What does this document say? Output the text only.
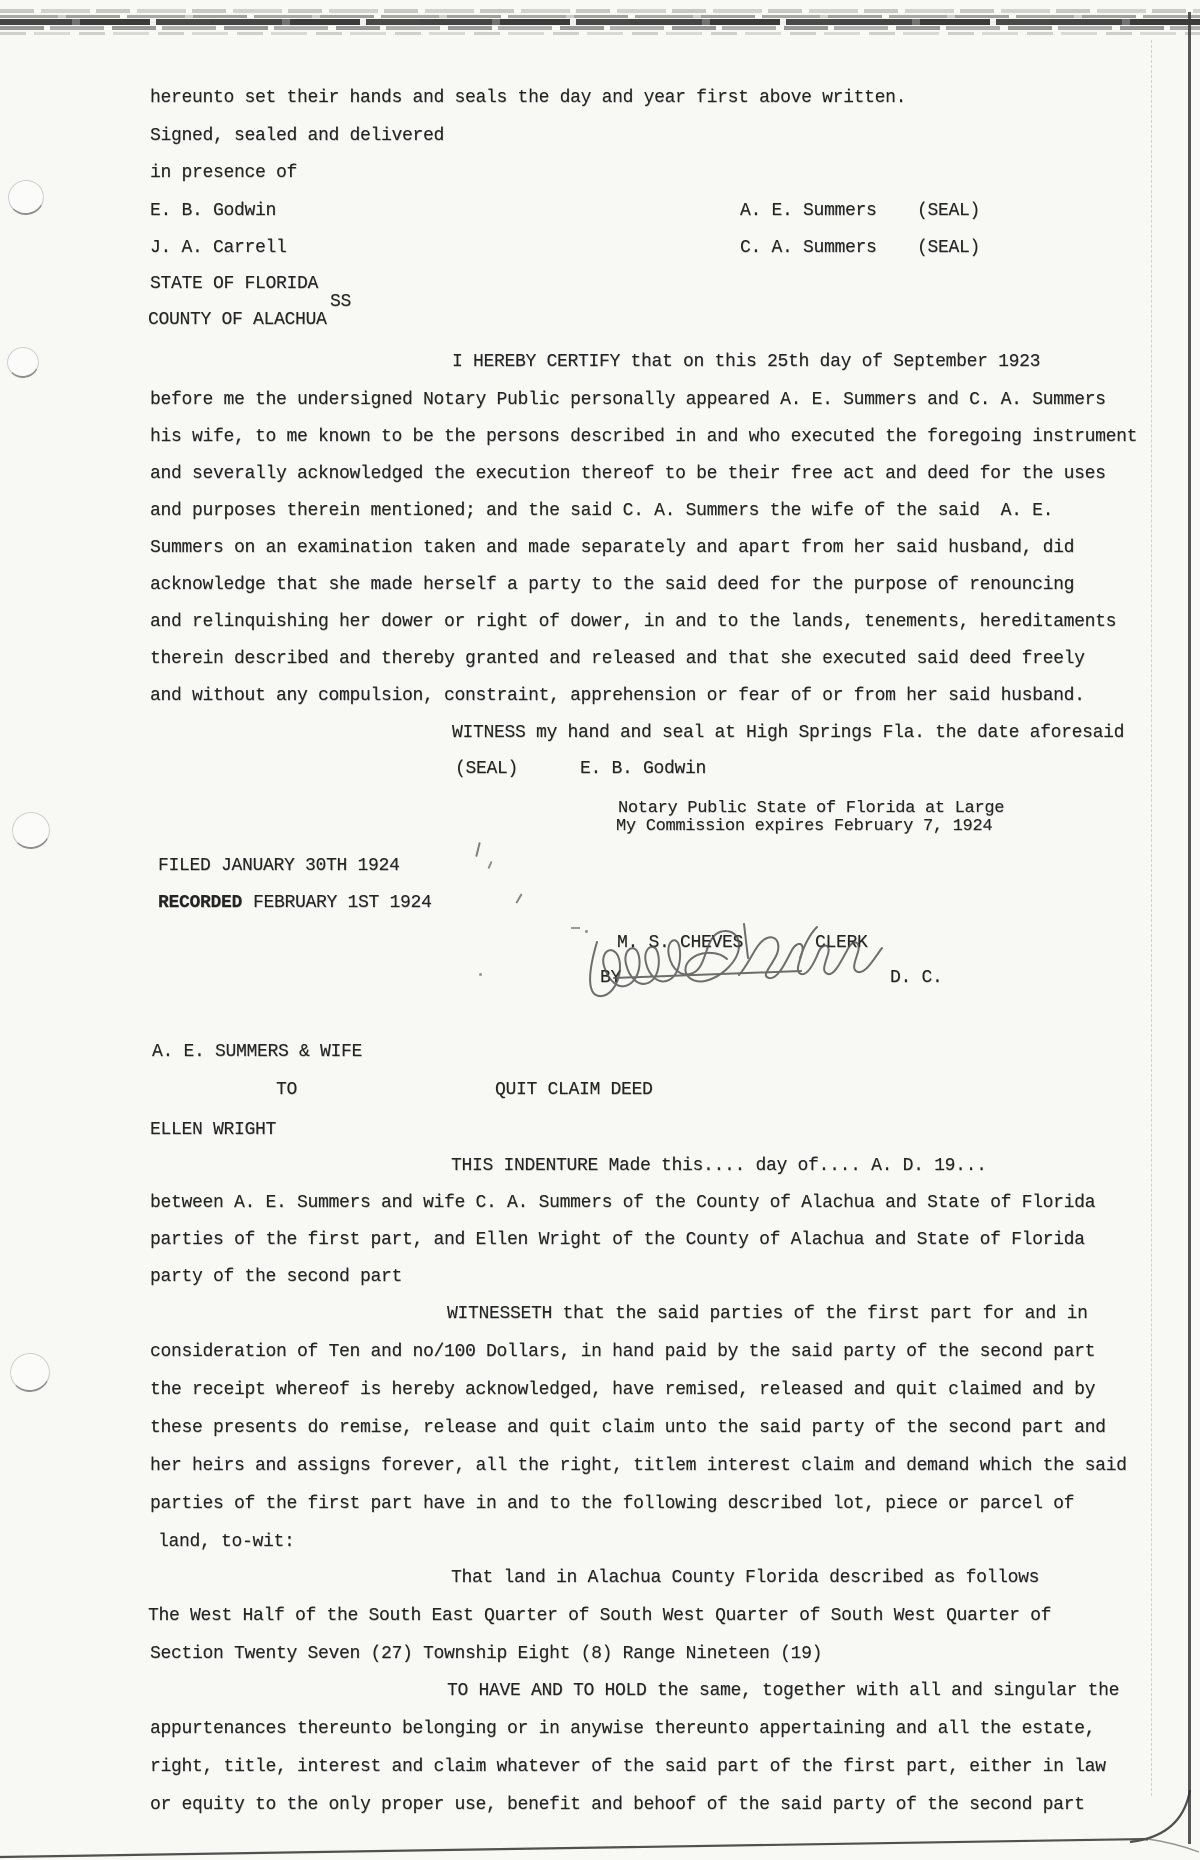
hereunto set their hands and seals the day and year first above written.
Signed, sealed and delivered
in presence of
E. B. Godwin	A. E. Summers (SEAL)
J. A. Carrell	C. A. Summers (SEAL)
STATE OF FLORIDA
SS
COUNTY OF ALACHUA
I HEREBY CERTIFY that on this 25th day of September 1923
before me the undersigned Notary Public personally appeared A. E. Summers and C. A. Summers
his wife, to me known to be the persons described in and who executed the foregoing instrument
and severally acknowledged the execution thereof to be their free act and deed for the uses
and purposes therein mentioned; and the said C. A. Summers the wife of the said  A. E.
Summers on an examination taken and made separately and apart from her said husband, did
acknowledge that she made herself a party to the said deed for the purpose of renouncing
and relinquishing her dower or right of dower, in and to the lands, tenements, hereditaments
therein described and thereby granted and released and that she executed said deed freely
and without any compulsion, constraint, apprehension or fear of or from her said husband.
WITNESS my hand and seal at High Springs Fla. the date aforesaid
(SEAL)	E. B. Godwin
Notary Public State of Florida at Large
My Commission expires February 7, 1924
FILED JANUARY 30TH 1924
RECORDED FEBRUARY 1ST 1924
M. S. CHEVES	CLERK
BY	D. C.
A. E. SUMMERS & WIFE
TO	QUIT CLAIM DEED
ELLEN WRIGHT
THIS INDENTURE Made this.... day of.... A. D. 19...
between A. E. Summers and wife C. A. Summers of the County of Alachua and State of Florida
parties of the first part, and Ellen Wright of the County of Alachua and State of Florida
party of the second part
WITNESSETH that the said parties of the first part for and in
consideration of Ten and no/100 Dollars, in hand paid by the said party of the second part
the receipt whereof is hereby acknowledged, have remised, released and quit claimed and by
these presents do remise, release and quit claim unto the said party of the second part and
her heirs and assigns forever, all the right, titlem interest claim and demand which the said
parties of the first part have in and to the following described lot, piece or parcel of
land, to-wit:
That land in Alachua County Florida described as follows
The West Half of the South East Quarter of South West Quarter of South West Quarter of
Section Twenty Seven (27) Township Eight (8) Range Nineteen (19)
TO HAVE AND TO HOLD the same, together with all and singular the
appurtenances thereunto belonging or in anywise thereunto appertaining and all the estate,
right, title, interest and claim whatever of the said part of the first part, either in law
or equity to the only proper use, benefit and behoof of the said party of the second part
